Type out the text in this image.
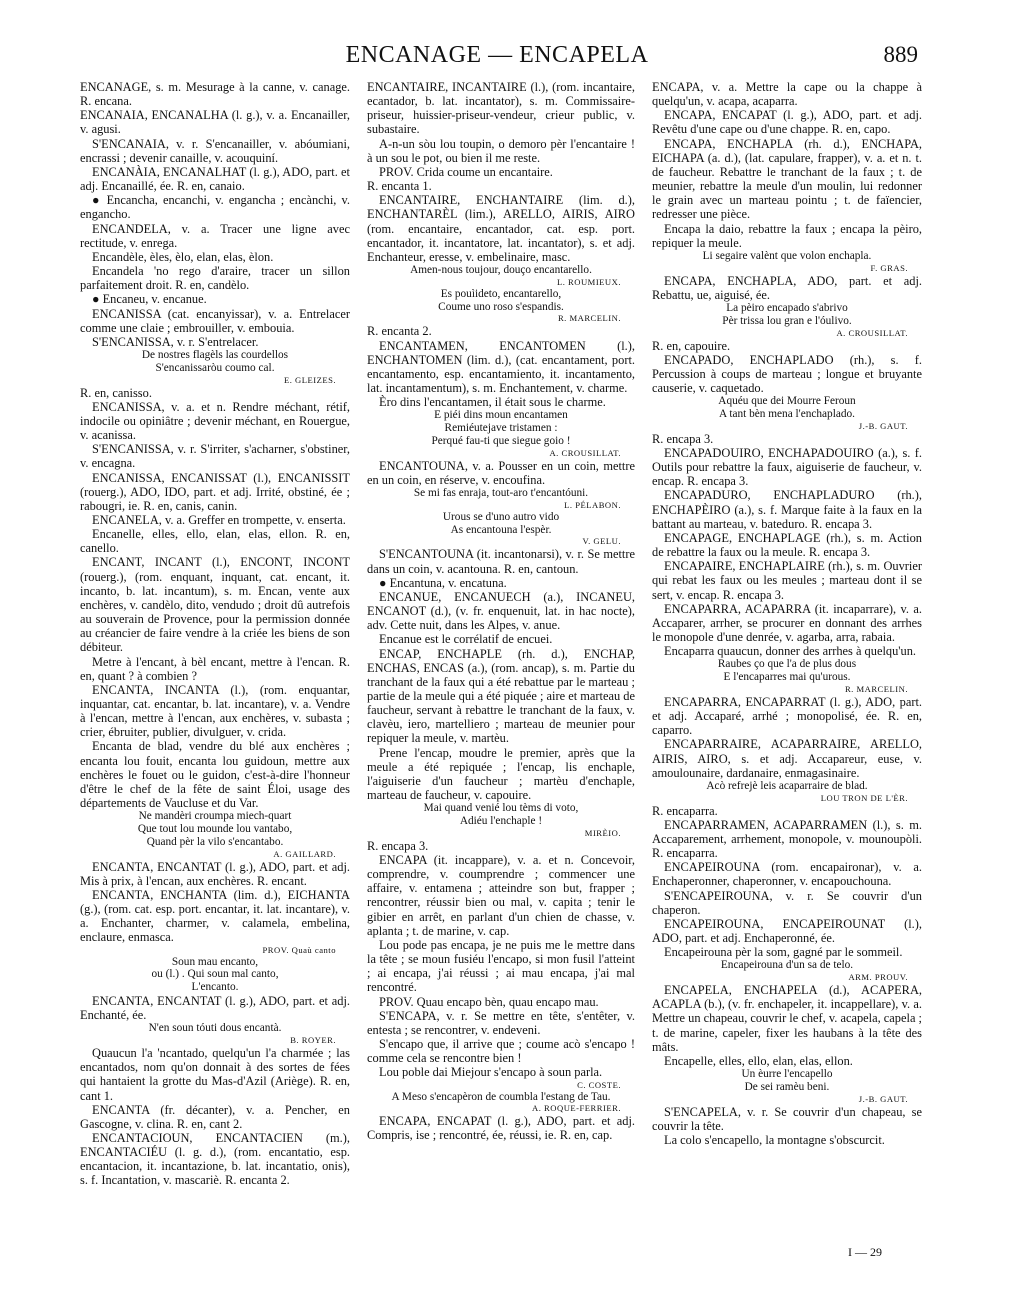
ENCANAGE — ENCAPELA	889

ENCANAGE, s. m. Mesurage à la canne, v. canage. R. encana.

ENCANAIA, ENCANALHA (l. g.), v. a. Encanailler, v. agusi.

S'ENCANAIA, v. r. S'encanailler, v. abóumiani, encrassi ; devenir canaille, v. acouquiní.

ENCANÀIA, ENCANALHAT (l. g.), ADO, part. et adj. Encanaillé, ée. R. en, canaio.

● Encancha, encanchi, v. engancha ; encànchi, v. engancho.

ENCANDELA, v. a. Tracer une ligne avec rectitude, v. enrega.

Encandèle, èles, èlo, elan, elas, èlon.

Encandela 'no rego d'araire, tracer un sillon parfaitement droit. R. en, candèlo.

● Encaneu, v. encanue.

ENCANISSA (cat. encanyissar), v. a. Entrelacer comme une claie ; embrouiller, v. embouia.

S'ENCANISSA, v. r. S'entrelacer.

De nostres flagèls las courdellos

S'encanissaròu coumo cal.

E. GLEIZES.

R. en, canisso.

ENCANISSA, v. a. et n. Rendre méchant, rétif, indocile ou opiniâtre ; devenir méchant, en Rouergue, v. acanissa.

S'ENCANISSA, v. r. S'irriter, s'acharner, s'obstiner, v. encagna.

ENCANISSA, ENCANISSAT (l.), ENCANISSIT (rouerg.), ADO, IDO, part. et adj. Irrité, obstiné, ée ; rabougri, ie. R. en, canis, canin.

ENCANELA, v. a. Greffer en trompette, v. enserta.

Encanelle, elles, ello, elan, elas, ellon. R. en, canello.

ENCANT, INCANT (l.), ENCONT, INCONT (rouerg.), (rom. enquant, inquant, cat. encant, it. incanto, b. lat. incantum), s. m. Encan, vente aux enchères, v. candèlo, dito, vendudo ; droit dû autrefois au souverain de Provence, pour la permission donnée au créancier de faire vendre à la criée les biens de son débiteur.

Metre à l'encant, à bèl encant, mettre à l'encan. R. en, quant ? à combien ?

ENCANTA, INCANTA (l.), (rom. enquantar, inquantar, cat. encantar, b. lat. incantare), v. a. Vendre à l'encan, mettre à l'encan, aux enchères, v. subasta ; crier, ébruiter, publier, divulguer, v. crida.

Encanta de blad, vendre du blé aux enchères ; encanta lou fouit, encanta lou guidoun, mettre aux enchères le fouet ou le guidon, c'est-à-dire l'honneur d'être le chef de la fête de saint Éloi, usage des départements de Vaucluse et du Var.

Ne mandèri croumpa miech-quart

Que tout lou mounde lou vantabo,

Quand pèr la vilo s'encantabo.

A. GAILLARD.

ENCANTA, ENCANTAT (l. g.), ADO, part. et adj. Mis à prix, à l'encan, aux enchères. R. encant.

ENCANTA, ENCHANTA (lim. d.), EICHANTA (g.), (rom. cat. esp. port. encantar, it. lat. incantare), v. a. Enchanter, charmer, v. calamela, embelina, enclaure, enmasca.

PROV. Quaù canto

Soun mau encanto,

ou (l.) . Qui soun mal canto,

L'encanto.

ENCANTA, ENCANTAT (l. g.), ADO, part. et adj. Enchanté, ée.

N'en soun tóuti dous encantà.

B. ROYER.

Quaucun l'a 'ncantado, quelqu'un l'a charmée ; las encantados, nom qu'on donnait à des sortes de fées qui hantaient la grotte du Mas-d'Azil (Ariège). R. en, cant 1.

ENCANTA (fr. décanter), v. a. Pencher, en Gascogne, v. clina. R. en, cant 2.

ENCANTACIOUN, ENCANTACIEN (m.), ENCANTACIÉU (l. g. d.), (rom. encantatio, esp. encantacion, it. incantazione, b. lat. incantatio, onis), s. f. Incantation, v. mascariè. R. encanta 2.

ENCANTAIRE, INCANTAIRE (l.), (rom. incantaire, ecantador, b. lat. incantator), s. m. Commissaire-priseur, huissier-priseur-vendeur, crieur public, v. subastaire.

A-n-un sòu lou toupin, o demoro pèr l'encantaire ! à un sou le pot, ou bien il me reste.

PROV. Crida coume un encantaire.

R. encanta 1.

ENCANTAIRE, ENCHANTAIRE (lim. d.), ENCHANTARÈL (lim.), ARELLO, AIRIS, AIRO (rom. encantaire, encantador, cat. esp. port. encantador, it. incantatore, lat. incantator), s. et adj. Enchanteur, eresse, v. embelinaire, masc.

Amen-nous toujour, douço encantarello.

L. ROUMIEUX.

Es pouìideto, encantarello,

Coume uno roso s'espandis.

R. MARCELIN.

R. encanta 2.

ENCANTAMEN, ENCANTOMEN (l.), ENCHANTOMEN (lim. d.), (cat. encantament, port. encantamento, esp. encantamiento, it. incantamento, lat. incantamentum), s. m. Enchantement, v. charme.

Èro dins l'encantamen, il était sous le charme.

E piéi dins moun encantamen

Remiéutejave tristamen :

Perqué fau-ti que siegue goio !

A. CROUSILLAT.

ENCANTOUNA, v. a. Pousser en un coin, mettre en un coin, en réserve, v. encoufina.

Se mi fas enraja, tout-aro t'encantóuni.

L. PÉLABON.

Urous se d'uno autro vido

As encantouna l'espèr.

V. GELU.

S'ENCANTOUNA (it. incantonarsi), v. r. Se mettre dans un coin, v. acantouna. R. en, cantoun.

● Encantuna, v. encatuna.

ENCANUE, ENCANUECH (a.), INCANEU, ENCANOT (d.), (v. fr. enquenuit, lat. in hac nocte), adv. Cette nuit, dans les Alpes, v. anue.

Encanue est le corrélatif de encuei.

ENCAP, ENCHAPLE (rh. d.), ENCHAP, ENCHAS, ENCAS (a.), (rom. ancap), s. m. Partie du tranchant de la faux qui a été rebattue par le marteau ; partie de la meule qui a été piquée ; aire et marteau de faucheur, servant à rebattre le tranchant de la faux, v. clavèu, iero, martelliero ; marteau de meunier pour repiquer la meule, v. martèu.

Prene l'encap, moudre le premier, après que la meule a été repiquée ; l'encap, lis enchaple, l'aiguiserie d'un faucheur ; martèu d'enchaple, marteau de faucheur, v. capouire.

Mai quand venié lou tèms di voto,

Adiéu l'enchaple !

MIRÈIO.

R. encapa 3.

ENCAPA (it. incappare), v. a. et n. Concevoir, comprendre, v. coumprendre ; commencer une affaire, v. entamena ; atteindre son but, frapper ; rencontrer, réussir bien ou mal, v. capita ; tenir le gibier en arrêt, en parlant d'un chien de chasse, v. aplanta ; t. de marine, v. cap.

Lou pode pas encapa, je ne puis me le mettre dans la tête ; se moun fusiéu l'encapo, si mon fusil l'atteint ; ai encapa, j'ai réussi ; ai mau encapa, j'ai mal rencontré.

PROV. Quau encapo bèn, quau encapo mau.

S'ENCAPA, v. r. Se mettre en tête, s'entêter, v. entesta ; se rencontrer, v. endeveni.

S'encapo que, il arrive que ; coume acò s'encapo ! comme cela se rencontre bien !

Lou poble dai Miejour s'encapo à soun parla.

C. COSTE.

A Meso s'encapèron de coumbla l'estang de Tau.

A. ROQUE-FERRIER.

ENCAPA, ENCAPAT (l. g.), ADO, part. et adj. Compris, ise ; rencontré, ée, réussi, ie. R. en, cap.

ENCAPA, v. a. Mettre la cape ou la chappe à quelqu'un, v. acapa, acaparra.

ENCAPA, ENCAPAT (l. g.), ADO, part. et adj. Revêtu d'une cape ou d'une chappe. R. en, capo.

ENCAPA, ENCHAPLA (rh. d.), ENCHAPA, EICHAPA (a. d.), (lat. capulare, frapper), v. a. et n. t. de faucheur. Rebattre le tranchant de la faux ; t. de meunier, rebattre la meule d'un moulin, lui redonner le grain avec un marteau pointu ; t. de faïencier, redresser une pièce.

Encapa la daio, rebattre la faux ; encapa la pèiro, repiquer la meule.

Li segaire valènt que volon enchapla.

F. GRAS.

ENCAPA, ENCHAPLA, ADO, part. et adj. Rebattu, ue, aiguisé, ée.

La pèiro encapado s'abrivo

Pèr trissa lou gran e l'óulivo.

A. CROUSILLAT.

R. en, capouire.

ENCAPADO, ENCHAPLADO (rh.), s. f. Percussion à coups de marteau ; longue et bruyante causerie, v. caquetado.

Aquéu que dei Mourre Feroun

A tant bèn mena l'enchaplado.

J.-B. GAUT.

R. encapa 3.

ENCAPADOUIRO, ENCHAPADOUIRO (a.), s. f. Outils pour rebattre la faux, aiguiserie de faucheur, v. encap. R. encapa 3.

ENCAPADURO, ENCHAPLADURO (rh.), ENCHAPÈIRO (a.), s. f. Marque faite à la faux en la battant au marteau, v. bateduro. R. encapa 3.

ENCAPAGE, ENCHAPLAGE (rh.), s. m. Action de rebattre la faux ou la meule. R. encapa 3.

ENCAPAIRE, ENCHAPLAIRE (rh.), s. m. Ouvrier qui rebat les faux ou les meules ; marteau dont il se sert, v. encap. R. encapa 3.

ENCAPARRA, ACAPARRA (it. incaparrare), v. a. Accaparer, arrher, se procurer en donnant des arrhes le monopole d'une denrée, v. agarba, arra, rabaia.

Encaparra quaucun, donner des arrhes à quelqu'un.

Raubes ço que l'a de plus dous

E l'encaparres mai qu'urous.

R. MARCELIN.

ENCAPARRA, ENCAPARRAT (l. g.), ADO, part. et adj. Accaparé, arrhé ; monopolisé, ée. R. en, caparro.

ENCAPARRAIRE, ACAPARRAIRE, ARELLO, AIRIS, AIRO, s. et adj. Accapareur, euse, v. amoulounaire, dardanaire, enmagasinaire.

Acò refrejè leis acaparraire de blad.

LOU TRON DE L'ÈR.

R. encaparra.

ENCAPARRAMEN, ACAPARRAMEN (l.), s. m. Accaparement, arrhement, monopole, v. mounoupòli. R. encaparra.

ENCAPEIROUNA (rom. encapaironar), v. a. Enchaperonner, chaperonner, v. encapouchouna.

S'ENCAPEIROUNA, v. r. Se couvrir d'un chaperon.

ENCAPEIROUNA, ENCAPEIROUNAT (l.), ADO, part. et adj. Enchaperonné, ée.

Encapeirouna pèr la som, gagné par le sommeil.

Encapeirouna d'un sa de telo.

ARM. PROUV.

ENCAPELA, ENCHAPELA (d.), ACAPERA, ACAPLA (b.), (v. fr. enchapeler, it. incappellare), v. a. Mettre un chapeau, couvrir le chef, v. acapela, capela ; t. de marine, capeler, fixer les haubans à la tête des mâts.

Encapelle, elles, ello, elan, elas, ellon.

Un èurre l'encapello

De sei ramèu beni.

J.-B. GAUT.

S'ENCAPELA, v. r. Se couvrir d'un chapeau, se couvrir la tête.

La colo s'encapello, la montagne s'obscurcit.

I — 29
